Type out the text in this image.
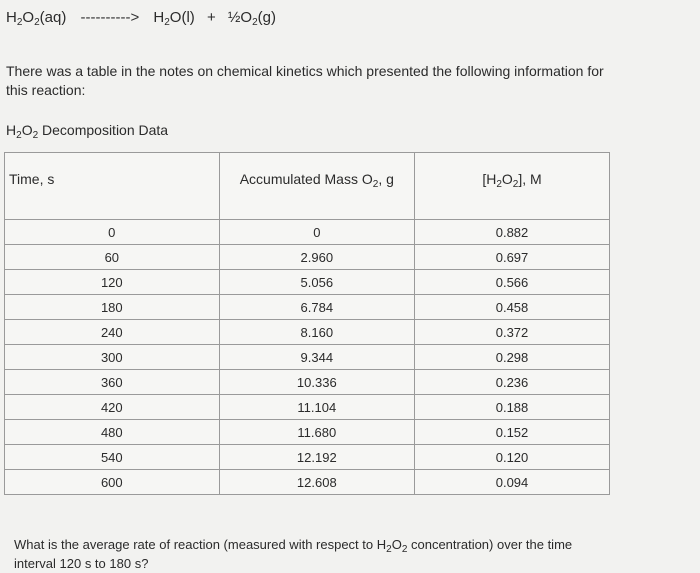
$H_2O_2(aq)$ ----------> $H_2O(l)$ + $\frac{1}{2}O_2(g)$
There was a table in the notes on chemical kinetics which presented the following information for this reaction:
$H_2O_2$ Decomposition Data
Time, s	Accumulated Mass $O_2$, g	$[H_2O_2]$, M
0	0	0.882
60	2.960	0.697
120	5.056	0.566
180	6.784	0.458
240	8.160	0.372
300	9.344	0.298
360	10.336	0.236
420	11.104	0.188
480	11.680	0.152
540	12.192	0.120
600	12.608	0.094
What is the average rate of reaction (measured with respect to $H_2O_2$ concentration) over the time interval 120 s to 180 s?
